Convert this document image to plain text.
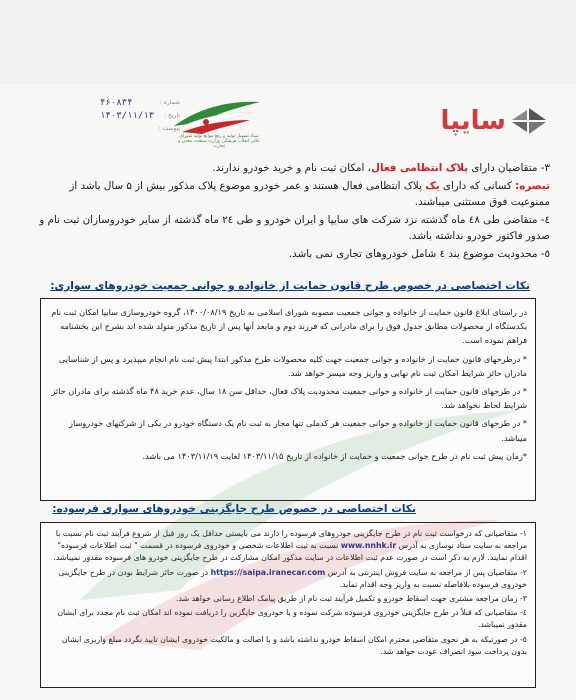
سایپا
ستاد تسهیل تولید و رفع موانع تولید شورای عالی انقلاب فرهنگی وزارت صنعت، معدن و تجارت
شماره :
۴۶۰۸۳۴
تاریخ :
۱۴۰۳/۱۱/۱۳
پیوست :

۳- متقاضیان دارای پلاک انتظامی فعال، امکان ثبت نام و خرید خودرو ندارند.

تبصره: کسانی که دارای یک پلاک انتظامی فعال هستند و عمر خودرو موضوع پلاک مذکور بیش از ۵ سال باشد از ممنوعیت فوق مستثنی میباشند.

٤- متقاضی طی ٤٨ ماه گذشته نزد شرکت های سایپا و ایران خودرو و طی ٢٤ ماه گذشته از سایر خودروسازان ثبت نام و صدور فاکتور خودرو نداشته باشد.

٥- محدودیت موضوع بند ٤ شامل خودروهای تجاری نمی باشد.

نکات اختصاصی در خصوص طرح قانون حمایت از خانواده و جوانی جمعیت خودروهای سواری:

در راستای ابلاغ قانون حمایت از خانواده و جوانی جمعیت مصوبه شورای اسلامی به تاریخ ۱۴۰۰/۰۸/۱۹، گروه خودروسازی سایپا امکان ثبت نام یکدستگاه از محصولات مطابق جدول فوق را برای مادرانی که فرزند دوم و مابعد آنها پس از تاریخ مذکور متولد شده اند بشرح این بخشنامه فراهم نموده است.

* درطرحهای قانون حمایت از خانواده و جوانی جمعیت جهت کلیه محصولات طرح مذکور ابتدا پیش ثبت نام انجام میپذیرد و پس از شناسایی مادران حائز شرایط امکان ثبت نام نهایی و واریز وجه میسر خواهد شد.

* در طرحهای قانون حمایت از خانواده و جوانی جمعیت محدودیت پلاک فعال، حداقل سن ۱۸ سال، عدم خرید ۴۸ ماه گذشته برای مادران حائز شرایط لحاظ نخواهد شد.

* در طرحهای قانون حمایت از خانواده و جوانی جمعیت هر کدملی تنها مجاز به ثبت نام یک دستگاه خودرو در یکی از شرکتهای خودروساز میباشد.

*زمان پیش ثبت نام در طرح جوانی جمعیت و حمایت از خانواده از تاریخ ۱۴۰۳/۱۱/۱۵ لغایت ۱۴۰۳/۱۱/۱۹ می باشد.

نکات اختصاصی در خصوص طرح جایگزینی خودروهای سواری فرسوده:

۱- متقاضیانی که درخواست ثبت نام در طرح جایگزینی خودروهای فرسوده را دارند می بایستی حداقل یک روز قبل از شروع فرآیند ثبت نام نسبت با مراجعه به سایت ستاد نوسازی به آدرس www.nnhk.ir نسبت به ثبت اطلاعات شخصی و خودروی فرسوده در قسمت " ثبت اطلاعات فرسوده" اقدام نمایند. لازم به ذکر است در صورت عدم ثبت اطلاعات در سایت مذکور امکان مشارکت در طرح جایگزینی خودرو های فرسوده مقدور نمیباشد.

۲- متقاضیان پس از مراجعه به سایت فروش اینترنتی به آدرس https://saipa.iranecar.com در صورت حائز شرایط بودن در طرح جایگزینی خودروی فرسوده بلافاصله نسبت به واریز وجه اقدام نماید.

۳- زمان مراجعه مشتری جهت اسقاط خودرو و تکمیل فرآیند ثبت نام از طریق پیامک اطلاع رسانی خواهد شد.

٤- متقاضیانی که قبلاً در طرح جایگزینی خودروی فرسوده شرکت نموده و یا خودروی جایگزین را دریافت نموده اند امکان ثبت نام مجدد برای ایشان مقدور نمیباشد.

٥- در صورتیکه به هر نحوی متقاضی محترم امکان اسقاط خودرو نداشته باشد و یا اصالت و مالکیت خودروی ایشان تایید نگردد مبلغ واریزی ایشان بدون پرداخت سود انصراف عودت خواهد شد.
